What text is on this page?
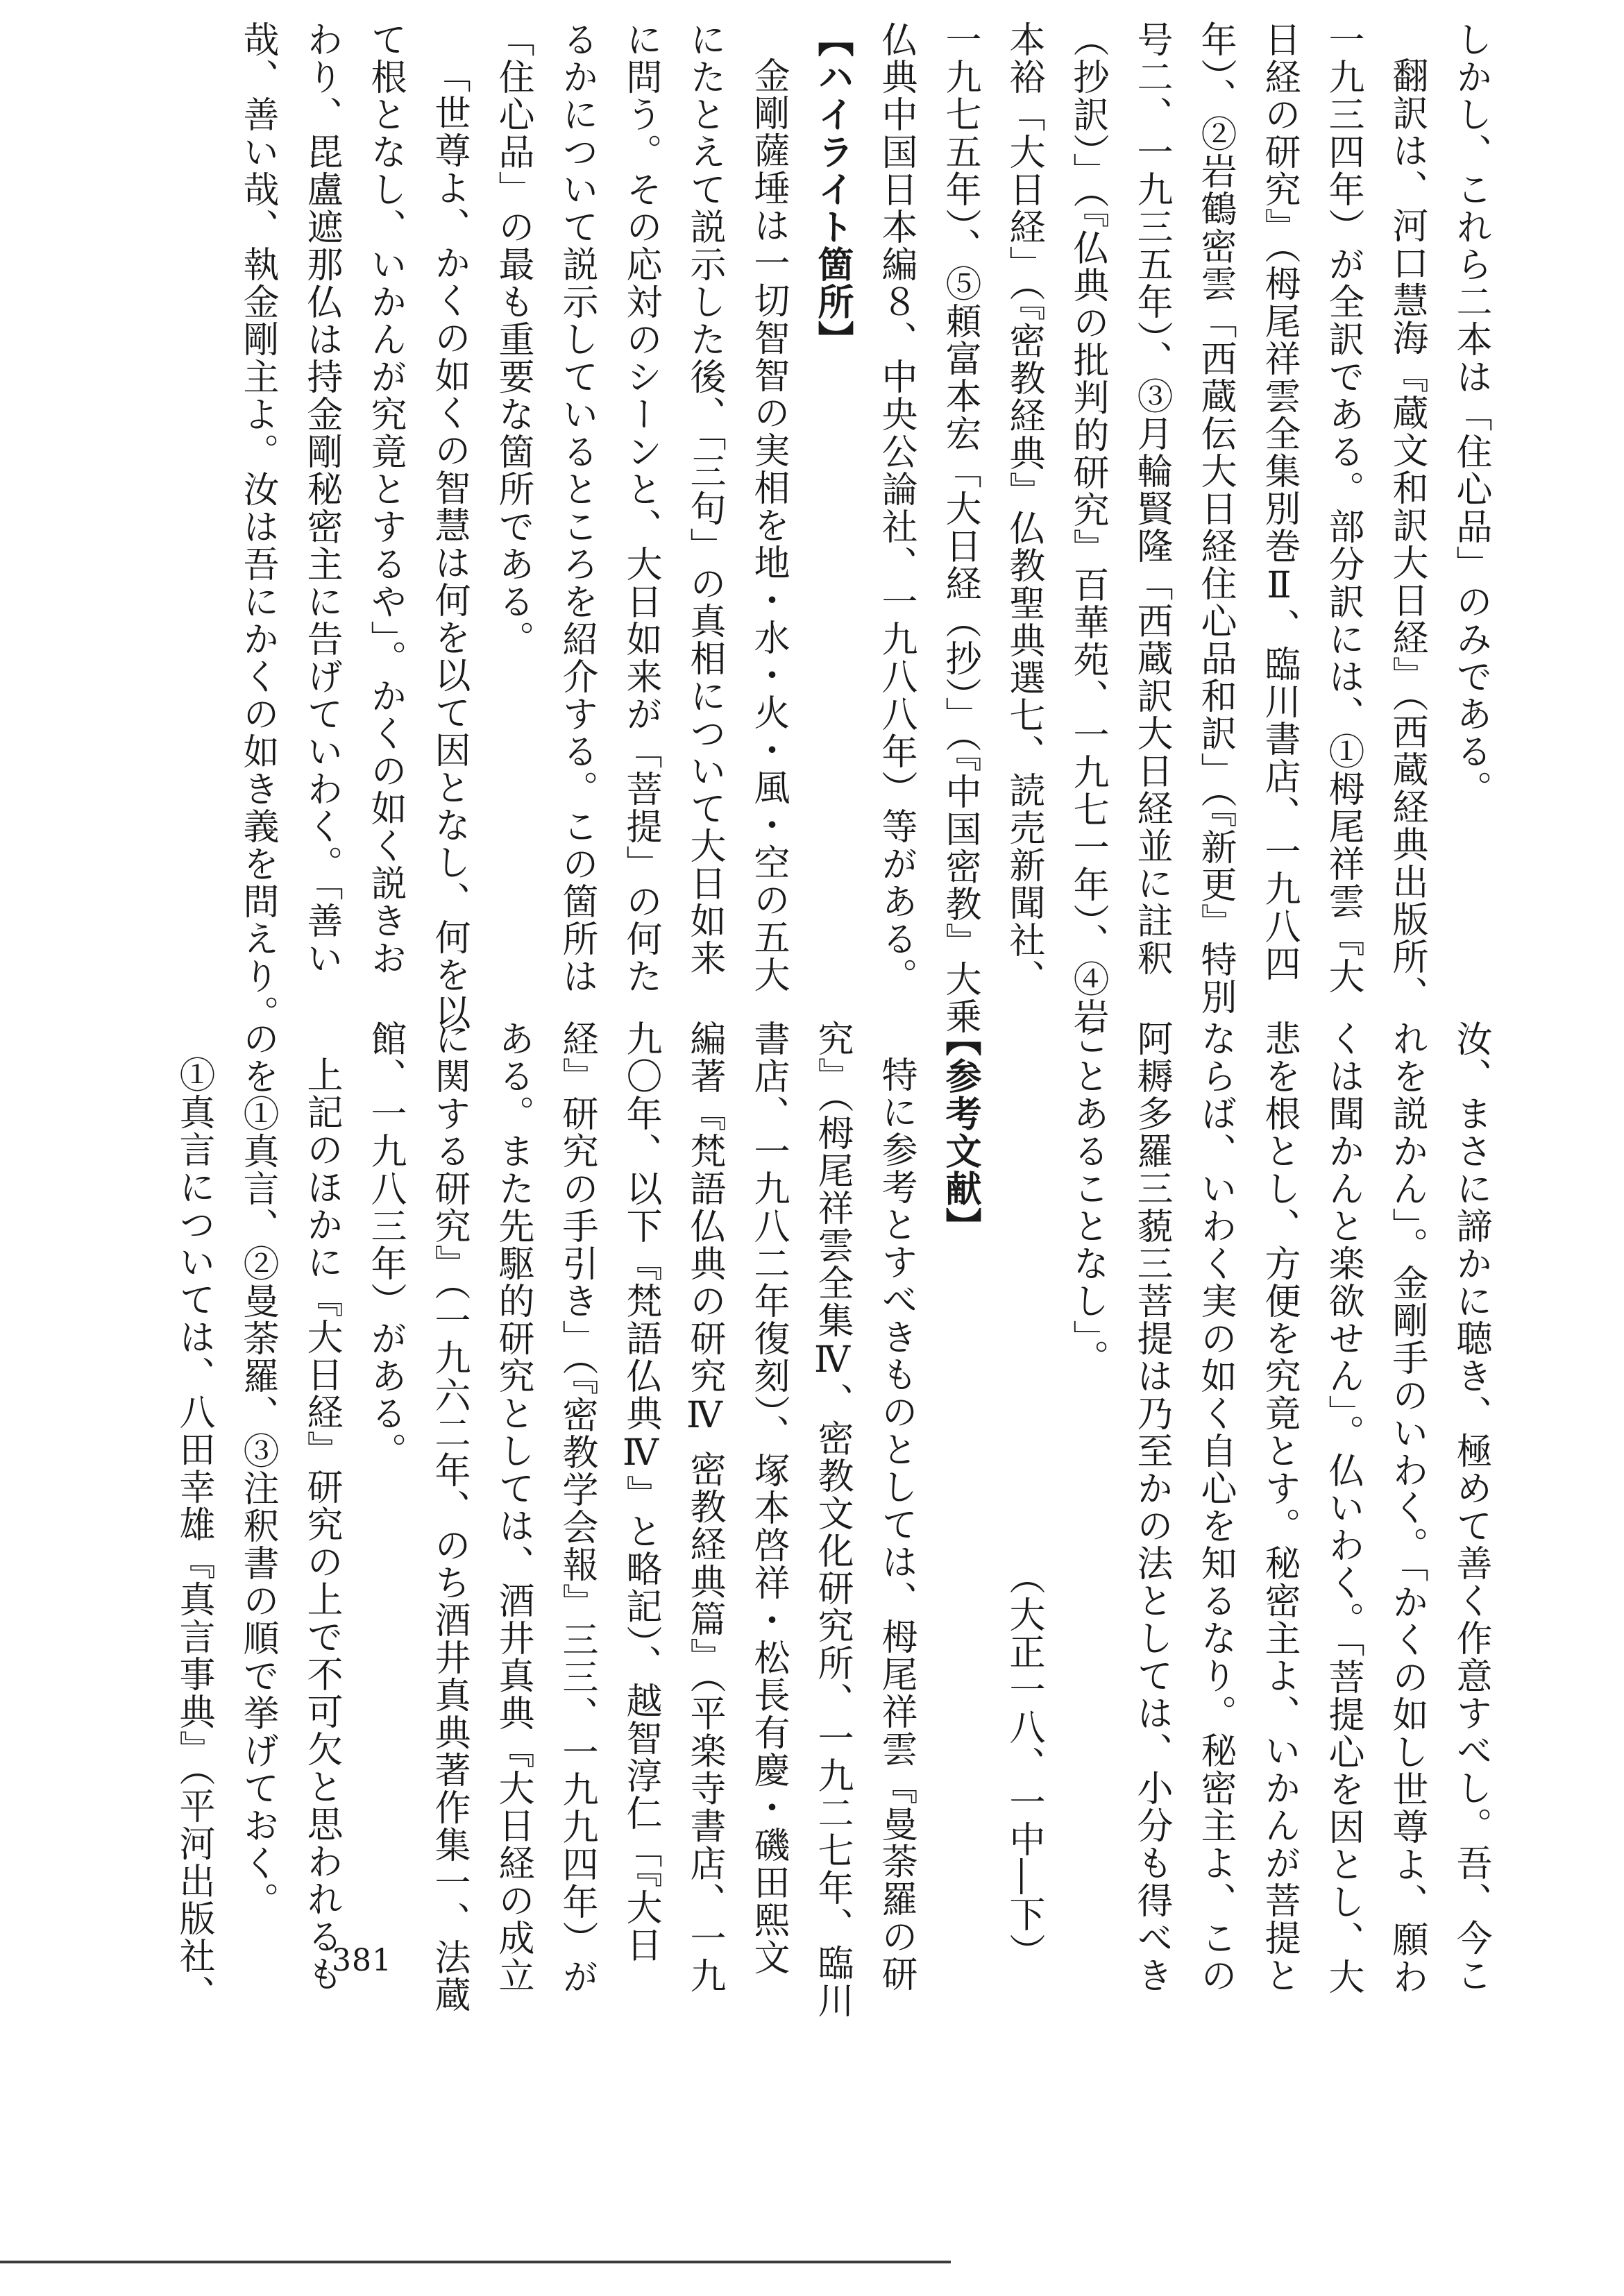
しかし、これら二本は「住心品」のみである。
翻訳は、河口慧海『蔵文和訳大日経』（西蔵経典出版所、
一九三四年）が全訳である。部分訳には、①栂尾祥雲『大
日経の研究』（栂尾祥雲全集別巻Ⅱ、臨川書店、一九八四
年）、②岩鶴密雲「西蔵伝大日経住心品和訳」（『新更』特別
号二、一九三五年）、③月輪賢隆「西蔵訳大日経並に註釈
（抄訳）」（『仏典の批判的研究』百華苑、一九七一年）、④岩
本裕「大日経」（『密教経典』仏教聖典選七、読売新聞社、
一九七五年）、⑤頼富本宏「大日経（抄）」（『中国密教』大乗
仏典中国日本編８、中央公論社、一九八八年）等がある。
【ハイライト箇所】
金剛薩埵は一切智智の実相を地・水・火・風・空の五大
にたとえて説示した後、「三句」の真相について大日如来
に問う。その応対のシーンと、大日如来が「菩提」の何た
るかについて説示しているところを紹介する。この箇所は
「住心品」の最も重要な箇所である。
「世尊よ、かくの如くの智慧は何を以て因となし、何を以
て根となし、いかんが究竟とするや」。かくの如く説きお
わり、毘盧遮那仏は持金剛秘密主に告げていわく。「善い
哉、善い哉、執金剛主よ。汝は吾にかくの如き義を問えり。
汝、まさに諦かに聴き、極めて善く作意すべし。吾、今こ
れを説かん」。金剛手のいわく。「かくの如し世尊よ、願わ
くは聞かんと楽欲せん」。仏いわく。「菩提心を因とし、大
悲を根とし、方便を究竟とす。秘密主よ、いかんが菩提と
ならば、いわく実の如く自心を知るなり。秘密主よ、この
阿耨多羅三藐三菩提は乃至かの法としては、小分も得べき
ことあることなし」。
（大正一八、一中―下）
【参考文献】
特に参考とすべきものとしては、栂尾祥雲『曼荼羅の研
究』（栂尾祥雲全集Ⅳ、密教文化研究所、一九二七年、臨川
書店、一九八二年復刻）、塚本啓祥・松長有慶・磯田熙文
編著『梵語仏典の研究Ⅳ 密教経典篇』（平楽寺書店、一九
九〇年、以下『梵語仏典Ⅳ』と略記）、越智淳仁「『大日
経』研究の手引き」（『密教学会報』三三、一九九四年）が
ある。また先駆的研究としては、酒井真典『大日経の成立
に関する研究』（一九六二年、のち酒井真典著作集一、法蔵
館、一九八三年）がある。
上記のほかに『大日経』研究の上で不可欠と思われるも
のを①真言、②曼荼羅、③注釈書の順で挙げておく。
①真言については、八田幸雄『真言事典』（平河出版社、	381
